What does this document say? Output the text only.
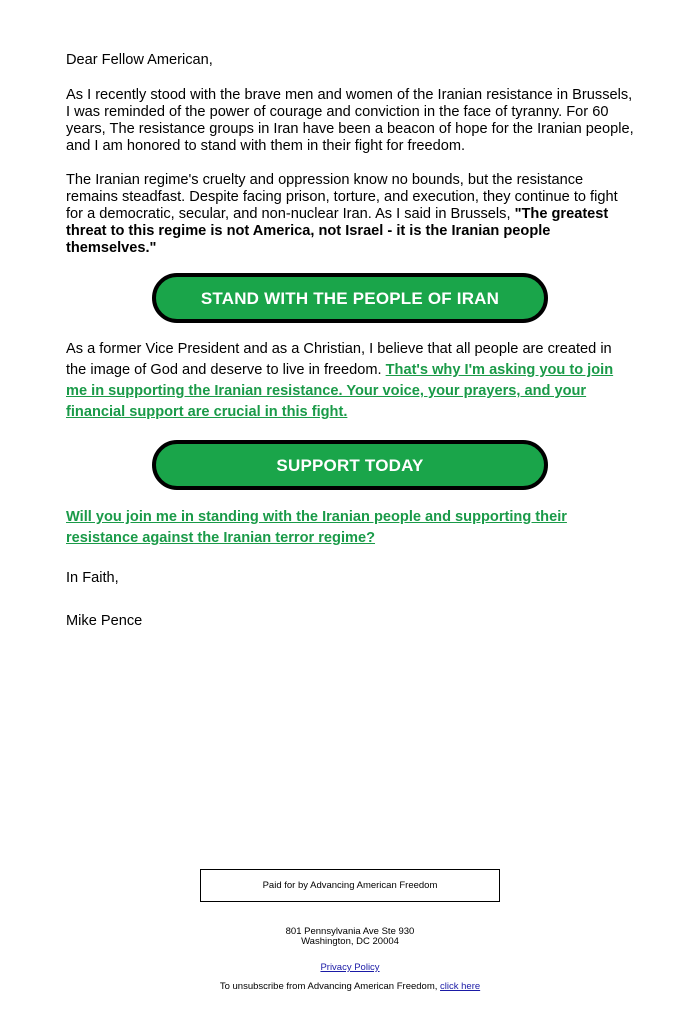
Dear Fellow American,

As I recently stood with the brave men and women of the Iranian resistance in Brussels, I was reminded of the power of courage and conviction in the face of tyranny. For 60 years, The resistance groups in Iran have been a beacon of hope for the Iranian people, and I am honored to stand with them in their fight for freedom.

The Iranian regime's cruelty and oppression know no bounds, but the resistance remains steadfast. Despite facing prison, torture, and execution, they continue to fight for a democratic, secular, and non-nuclear Iran. As I said in Brussels, "The greatest threat to this regime is not America, not Israel - it is the Iranian people themselves."

STAND WITH THE PEOPLE OF IRAN

As a former Vice President and as a Christian, I believe that all people are created in the image of God and deserve to live in freedom. That's why I'm asking you to join me in supporting the Iranian resistance. Your voice, your prayers, and your financial support are crucial in this fight.

SUPPORT TODAY

Will you join me in standing with the Iranian people and supporting their resistance against the Iranian terror regime?

In Faith,

Mike Pence

Paid for by Advancing American Freedom
801 Pennsylvania Ave Ste 930
Washington, DC 20004
Privacy Policy
To unsubscribe from Advancing American Freedom, click here
